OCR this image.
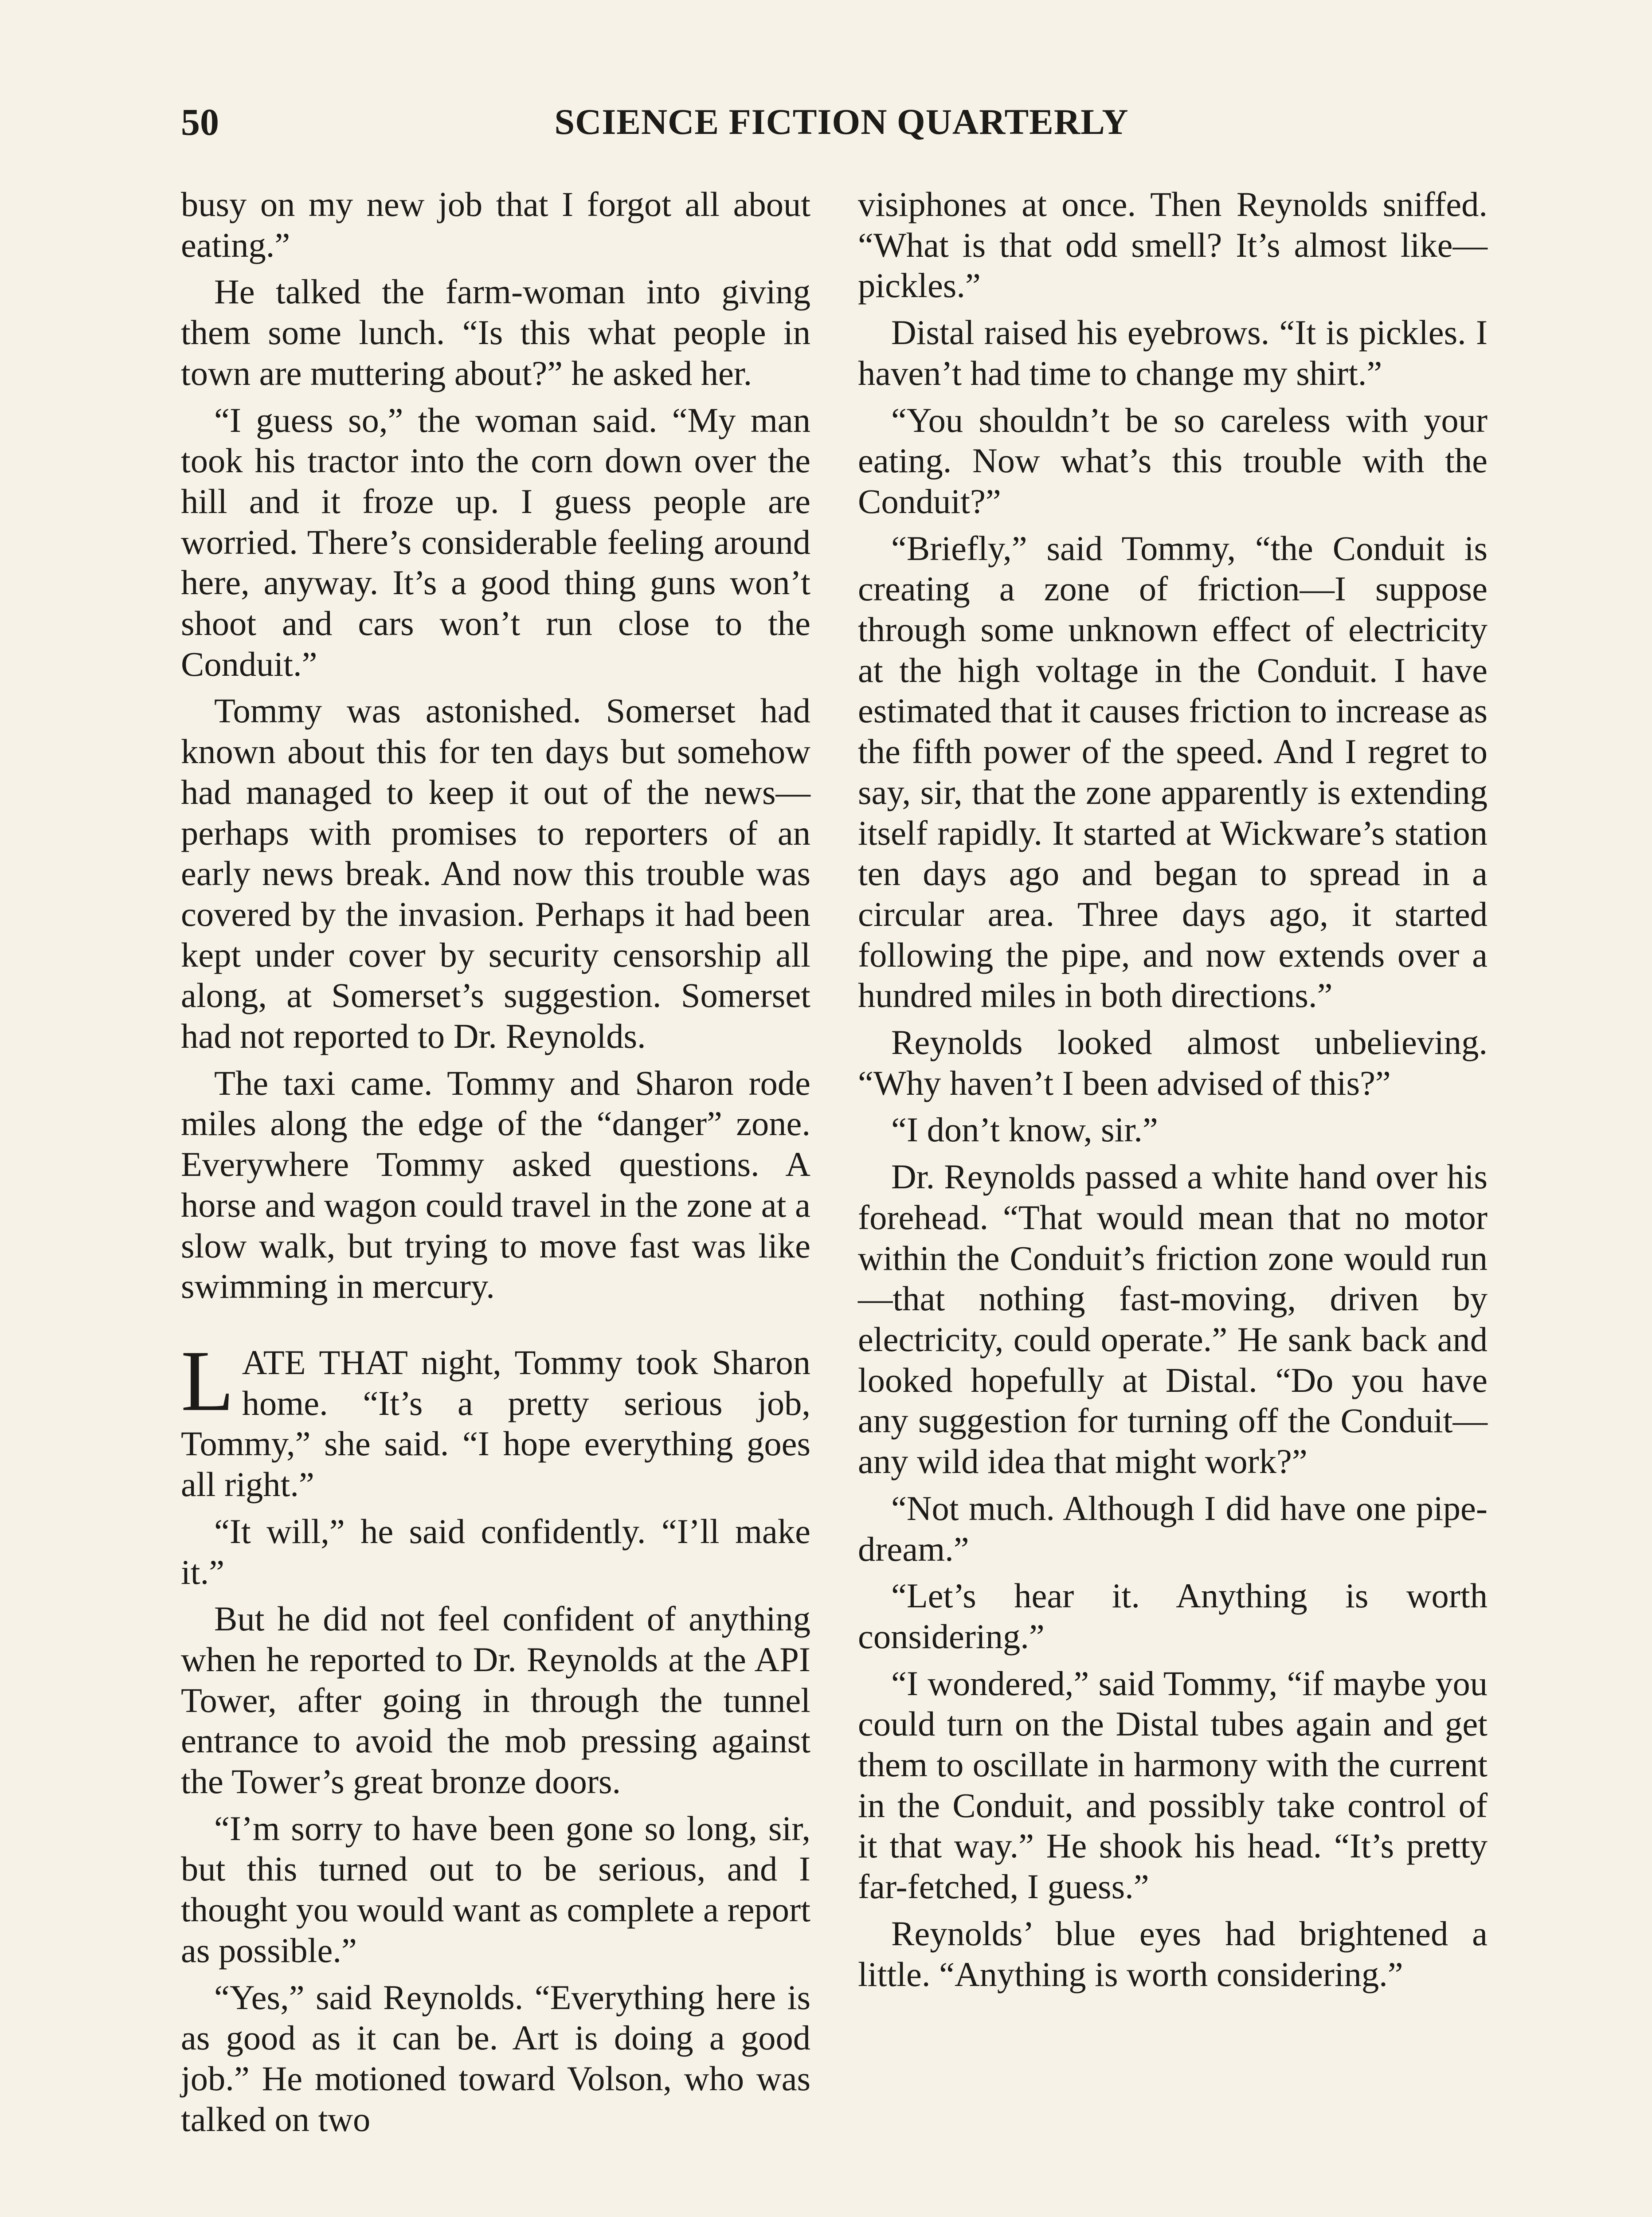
50	SCIENCE FICTION QUARTERLY

busy on my new job that I forgot all about eating.”

He talked the farm-woman into giving them some lunch. “Is this what people in town are muttering about?” he asked her.

“I guess so,” the woman said. “My man took his tractor into the corn down over the hill and it froze up. I guess people are worried. There’s considerable feeling around here, anyway. It’s a good thing guns won’t shoot and cars won’t run close to the Conduit.”

Tommy was astonished. Somerset had known about this for ten days but somehow had managed to keep it out of the news—perhaps with promises to reporters of an early news break. And now this trouble was covered by the invasion. Perhaps it had been kept under cover by security censorship all along, at Somerset’s suggestion. Somerset had not reported to Dr. Reynolds.

The taxi came. Tommy and Sharon rode miles along the edge of the “danger” zone. Everywhere Tommy asked questions. A horse and wagon could travel in the zone at a slow walk, but trying to move fast was like swimming in mercury.

LATE THAT night, Tommy took Sharon home. “It’s a pretty serious job, Tommy,” she said. “I hope everything goes all right.”

“It will,” he said confidently. “I’ll make it.”

But he did not feel confident of anything when he reported to Dr. Reynolds at the API Tower, after going in through the tunnel entrance to avoid the mob pressing against the Tower’s great bronze doors.

“I’m sorry to have been gone so long, sir, but this turned out to be serious, and I thought you would want as complete a report as possible.”

“Yes,” said Reynolds. “Everything here is as good as it can be. Art is doing a good job.” He motioned toward Volson, who was talked on two

visiphones at once. Then Reynolds sniffed. “What is that odd smell? It’s almost like—pickles.”

Distal raised his eyebrows. “It is pickles. I haven’t had time to change my shirt.”

“You shouldn’t be so careless with your eating. Now what’s this trouble with the Conduit?”

“Briefly,” said Tommy, “the Conduit is creating a zone of friction—I suppose through some unknown effect of electricity at the high voltage in the Conduit. I have estimated that it causes friction to increase as the fifth power of the speed. And I regret to say, sir, that the zone apparently is extending itself rapidly. It started at Wickware’s station ten days ago and began to spread in a circular area. Three days ago, it started following the pipe, and now extends over a hundred miles in both directions.”

Reynolds looked almost unbelieving. “Why haven’t I been advised of this?”

“I don’t know, sir.”

Dr. Reynolds passed a white hand over his forehead. “That would mean that no motor within the Conduit’s friction zone would run—that nothing fast-moving, driven by electricity, could operate.” He sank back and looked hopefully at Distal. “Do you have any suggestion for turning off the Conduit—any wild idea that might work?”

“Not much. Although I did have one pipe-dream.”

“Let’s hear it. Anything is worth considering.”

“I wondered,” said Tommy, “if maybe you could turn on the Distal tubes again and get them to oscillate in harmony with the current in the Conduit, and possibly take control of it that way.” He shook his head. “It’s pretty far-fetched, I guess.”

Reynolds’ blue eyes had brightened a little. “Anything is worth considering.”
